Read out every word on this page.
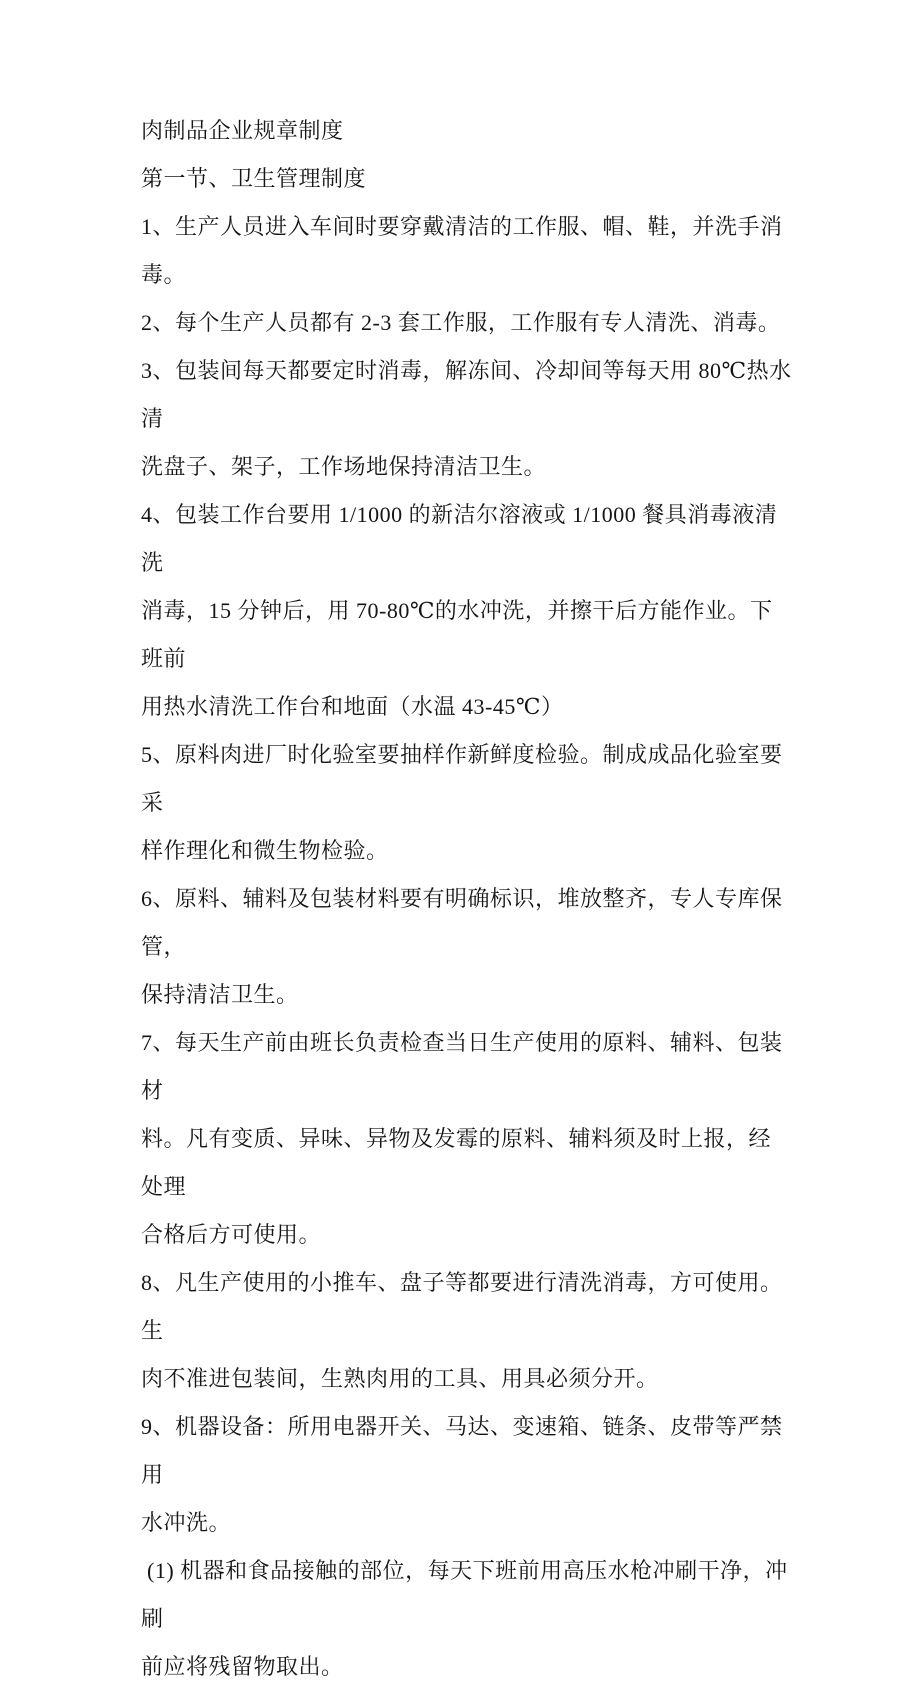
肉制品企业规章制度
第一节、卫生管理制度
1、生产人员进入车间时要穿戴清洁的工作服、帽、鞋，并洗手消毒。
2、每个生产人员都有 2-3 套工作服，工作服有专人清洗、消毒。
3、包装间每天都要定时消毒，解冻间、冷却间等每天用 80℃热水清
洗盘子、架子，工作场地保持清洁卫生。
4、包装工作台要用 1/1000 的新洁尔溶液或 1/1000 餐具消毒液清洗
消毒，15 分钟后，用 70-80℃的水冲洗，并擦干后方能作业。下班前
用热水清洗工作台和地面（水温 43-45℃）
5、原料肉进厂时化验室要抽样作新鲜度检验。制成成品化验室要采
样作理化和微生物检验。
6、原料、辅料及包装材料要有明确标识，堆放整齐，专人专库保管，
保持清洁卫生。
7、每天生产前由班长负责检查当日生产使用的原料、辅料、包装材
料。凡有变质、异味、异物及发霉的原料、辅料须及时上报，经处理
合格后方可使用。
8、凡生产使用的小推车、盘子等都要进行清洗消毒，方可使用。生
肉不准进包装间，生熟肉用的工具、用具必须分开。
9、机器设备：所用电器开关、马达、变速箱、链条、皮带等严禁用
水冲洗。
(1) 机器和食品接触的部位，每天下班前用高压水枪冲刷干净，冲刷
前应将残留物取出。
